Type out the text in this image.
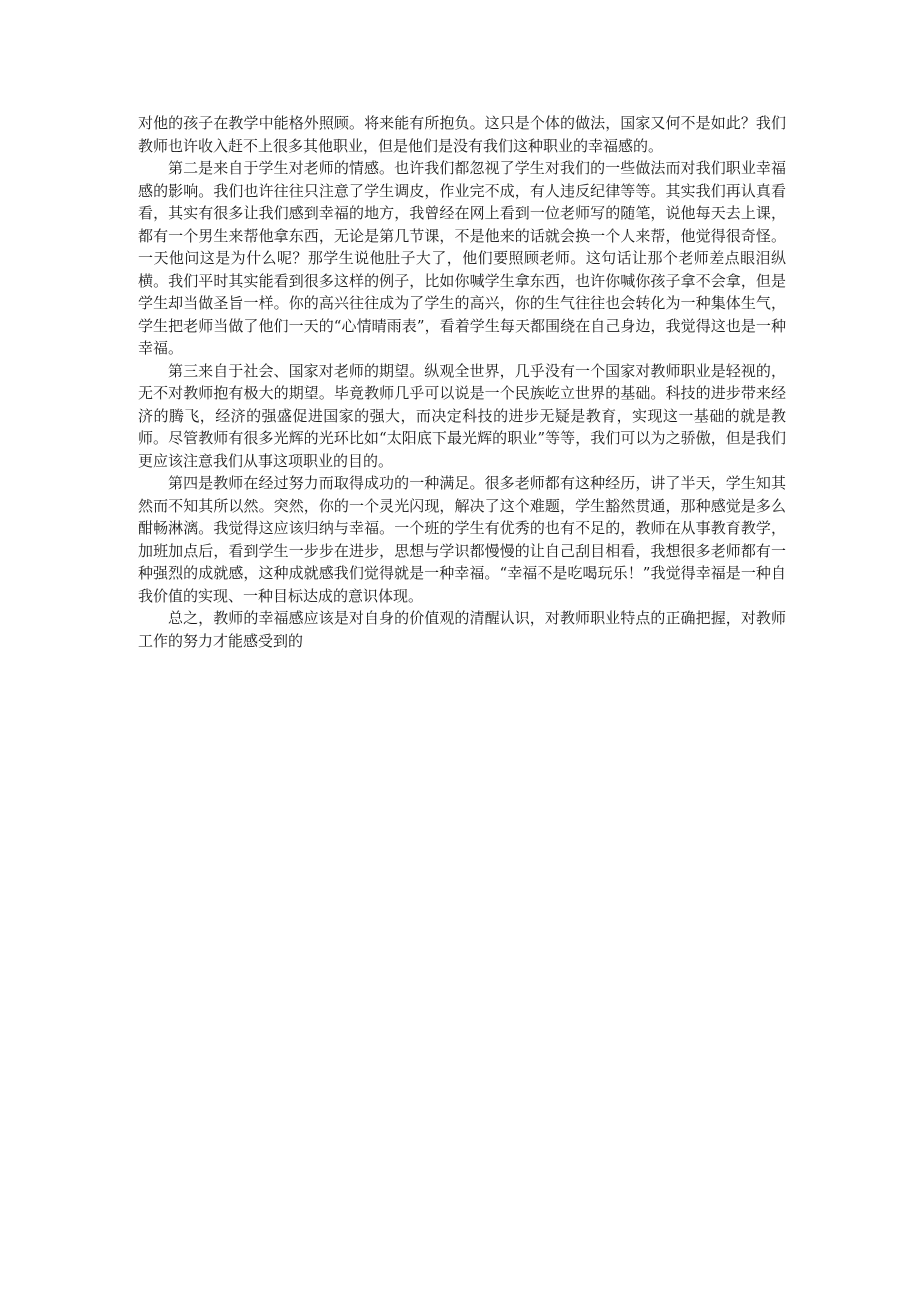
对他的孩子在教学中能格外照顾。将来能有所抱负。这只是个体的做法，国家又何不是如此？我们教师也许收入赶不上很多其他职业，但是他们是没有我们这种职业的幸福感的。

第二是来自于学生对老师的情感。也许我们都忽视了学生对我们的一些做法而对我们职业幸福感的影响。我们也许往往只注意了学生调皮，作业完不成，有人违反纪律等等。其实我们再认真看看，其实有很多让我们感到幸福的地方，我曾经在网上看到一位老师写的随笔，说他每天去上课，都有一个男生来帮他拿东西，无论是第几节课，不是他来的话就会换一个人来帮，他觉得很奇怪。一天他问这是为什么呢？那学生说他肚子大了，他们要照顾老师。这句话让那个老师差点眼泪纵横。我们平时其实能看到很多这样的例子，比如你喊学生拿东西，也许你喊你孩子拿不会拿，但是学生却当做圣旨一样。你的高兴往往成为了学生的高兴，你的生气往往也会转化为一种集体生气，学生把老师当做了他们一天的“心情晴雨表”，看着学生每天都围绕在自己身边，我觉得这也是一种幸福。

第三来自于社会、国家对老师的期望。纵观全世界，几乎没有一个国家对教师职业是轻视的，无不对教师抱有极大的期望。毕竟教师几乎可以说是一个民族屹立世界的基础。科技的进步带来经济的腾飞，经济的强盛促进国家的强大，而决定科技的进步无疑是教育，实现这一基础的就是教师。尽管教师有很多光辉的光环比如“太阳底下最光辉的职业”等等，我们可以为之骄傲，但是我们更应该注意我们从事这项职业的目的。

第四是教师在经过努力而取得成功的一种满足。很多老师都有这种经历，讲了半天，学生知其然而不知其所以然。突然，你的一个灵光闪现，解决了这个难题，学生豁然贯通，那种感觉是多么酣畅淋漓。我觉得这应该归纳与幸福。一个班的学生有优秀的也有不足的，教师在从事教育教学，加班加点后，看到学生一步步在进步，思想与学识都慢慢的让自己刮目相看，我想很多老师都有一种强烈的成就感，这种成就感我们觉得就是一种幸福。“幸福不是吃喝玩乐！”我觉得幸福是一种自我价值的实现、一种目标达成的意识体现。

总之，教师的幸福感应该是对自身的价值观的清醒认识，对教师职业特点的正确把握，对教师工作的努力才能感受到的
